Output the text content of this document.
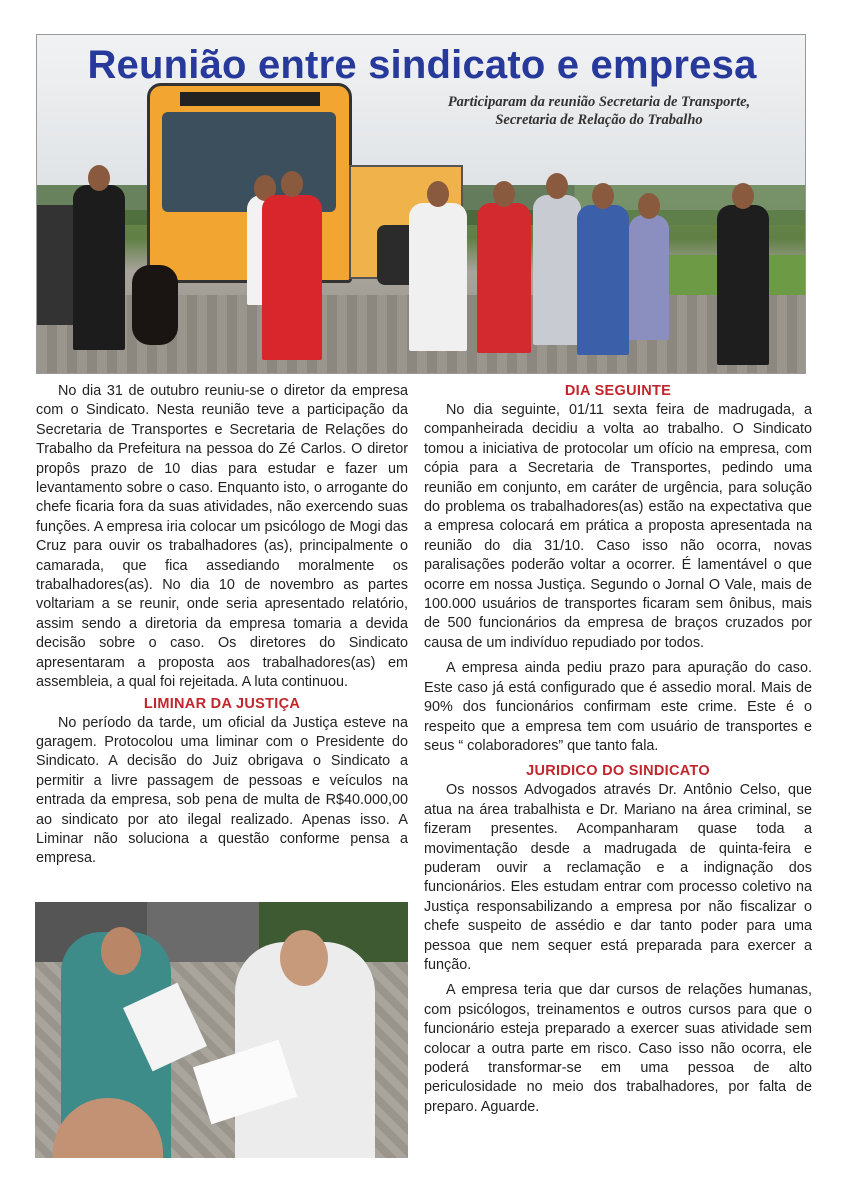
Reunião entre sindicato e empresa

Participaram da reunião Secretaria de Transporte,
Secretaria de Relação do Trabalho

No dia 31 de outubro reuniu-se o diretor da empresa com o Sindicato. Nesta reunião teve a participação da Secretaria de Transportes e Secretaria de Relações do Trabalho da Prefeitura na pessoa do Zé Carlos. O diretor propôs prazo de 10 dias para estudar e fazer um levantamento sobre o caso. Enquanto isto, o arrogante do chefe ficaria fora da suas atividades, não exercendo suas funções. A empresa iria colocar um psicólogo de Mogi das Cruz para ouvir os trabalhadores (as), principalmente o camarada, que fica assediando moralmente os trabalhadores(as). No dia 10 de novembro as partes voltariam a se reunir, onde seria apresentado relatório, assim sendo a diretoria da empresa tomaria a devida decisão sobre o caso. Os diretores do Sindicato apresentaram a proposta aos trabalhadores(as) em assembleia, a qual foi rejeitada. A luta continuou.

LIMINAR DA JUSTIÇA

No período da tarde, um oficial da Justiça esteve na garagem. Protocolou uma liminar com o Presidente do Sindicato. A decisão do Juiz obrigava o Sindicato a permitir a livre passagem de pessoas e veículos na entrada da empresa, sob pena de multa de R$40.000,00 ao sindicato por ato ilegal realizado. Apenas isso. A Liminar não soluciona a questão conforme pensa a empresa.

DIA SEGUINTE

No dia seguinte, 01/11 sexta feira de madrugada, a companheirada decidiu a volta ao trabalho. O Sindicato tomou a iniciativa de protocolar um ofício na empresa, com cópia para a Secretaria de Transportes, pedindo uma reunião em conjunto, em caráter de urgência, para solução do problema os trabalhadores(as) estão na expectativa que a empresa colocará em prática a proposta apresentada na reunião do dia 31/10. Caso isso não ocorra, novas paralisações poderão voltar a ocorrer. É lamentável o que ocorre em nossa Justiça. Segundo o Jornal O Vale, mais de 100.000 usuários de transportes ficaram sem ônibus, mais de 500 funcionários da empresa de braços cruzados por causa de um indivíduo repudiado por todos.

A empresa ainda pediu prazo para apuração do caso. Este caso já está configurado que é assedio moral. Mais de 90% dos funcionários confirmam este crime. Este é o respeito que a empresa tem com usuário de transportes e seus “ colaboradores” que tanto fala.

JURIDICO DO SINDICATO

Os nossos Advogados através Dr. Antônio Celso, que atua na área trabalhista e Dr. Mariano na área criminal, se fizeram presentes. Acompanharam quase toda a movimentação desde a madrugada de quinta-feira e puderam ouvir a reclamação e a indignação dos funcionários. Eles estudam entrar com processo coletivo na Justiça responsabilizando a empresa por não fiscalizar o chefe suspeito de assédio e dar tanto poder para uma pessoa que nem sequer está preparada para exercer a função.

A empresa teria que dar cursos de relações humanas, com psicólogos, treinamentos e outros cursos para que o funcionário esteja preparado a exercer suas atividade sem colocar a outra parte em risco. Caso isso não ocorra, ele poderá transformar-se em uma pessoa de alto periculosidade no meio dos trabalhadores, por falta de preparo. Aguarde.
